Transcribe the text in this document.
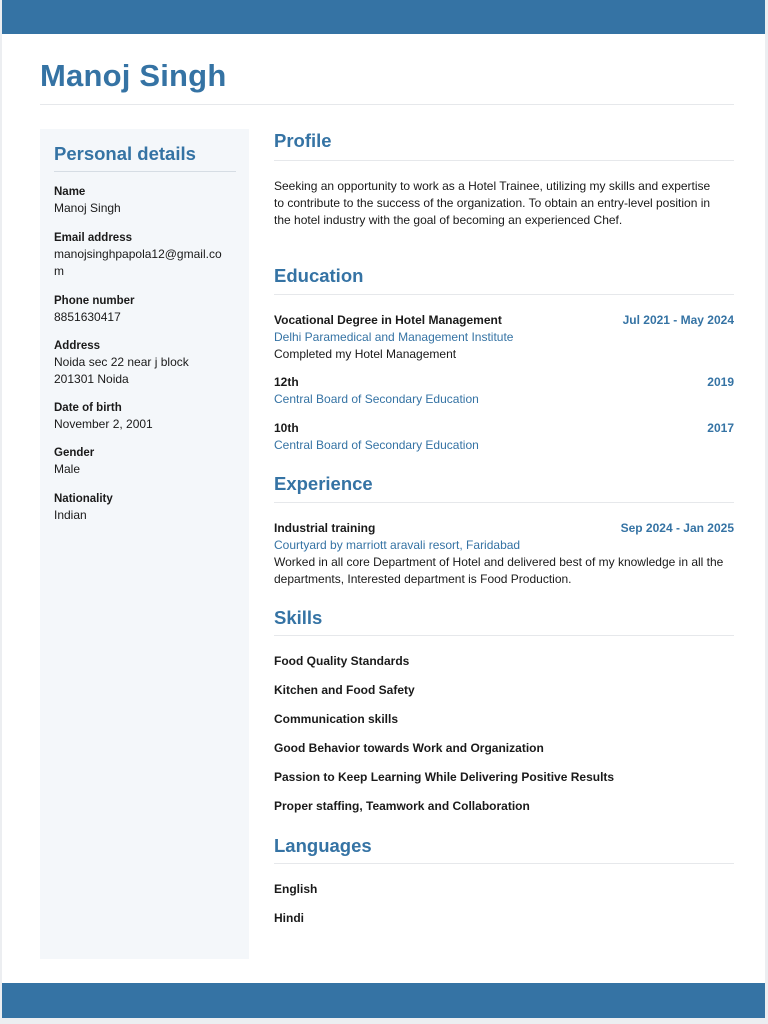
Manoj Singh
Personal details
Name
Manoj Singh
Email address
manojsinghpapola12@gmail.com
Phone number
8851630417
Address
Noida sec 22 near j block 201301 Noida
Date of birth
November 2, 2001
Gender
Male
Nationality
Indian
Profile
Seeking an opportunity to work as a Hotel Trainee, utilizing my skills and expertise to contribute to the success of the organization. To obtain an entry-level position in the hotel industry with the goal of becoming an experienced Chef.
Education
Vocational Degree in Hotel Management	Jul 2021 - May 2024
Delhi Paramedical and Management Institute
Completed my Hotel Management
12th	2019
Central Board of Secondary Education
10th	2017
Central Board of Secondary Education
Experience
Industrial training	Sep 2024 - Jan 2025
Courtyard by marriott aravali resort, Faridabad
Worked in all core Department of Hotel and delivered best of my knowledge in all the departments, Interested department is Food Production.
Skills
Food Quality Standards
Kitchen and Food Safety
Communication skills
Good Behavior towards Work and Organization
Passion to Keep Learning While Delivering Positive Results
Proper staffing, Teamwork and Collaboration
Languages
English
Hindi
